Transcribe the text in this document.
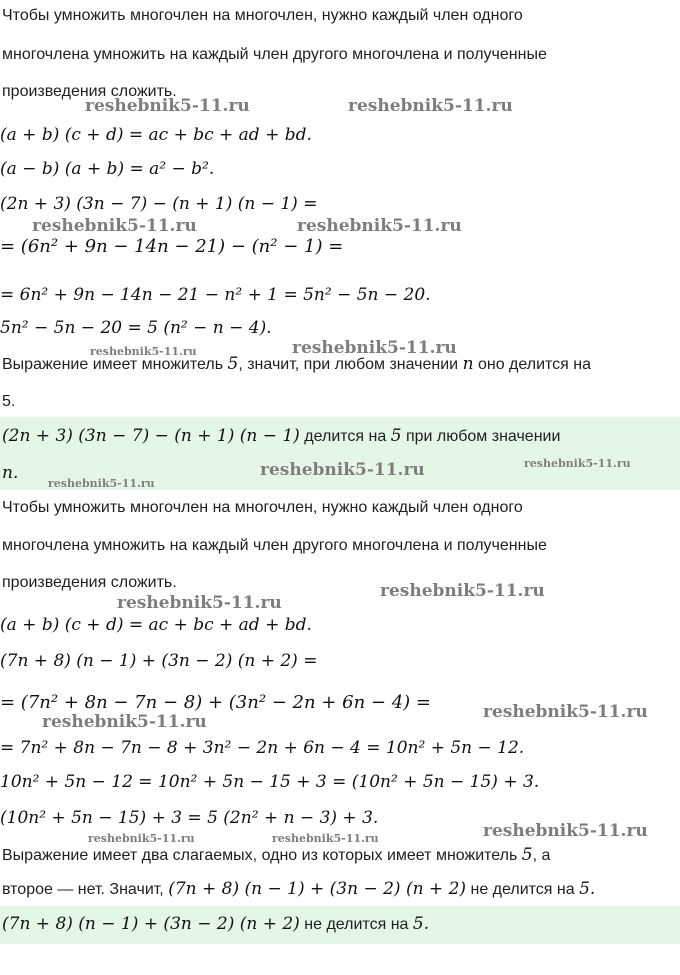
Чтобы умножить многочлен на многочлен, нужно каждый член одного
многочлена умножить на каждый член другого многочлена и полученные
произведения сложить.
(a + b) (c + d) = ac + bc + ad + bd.
(a − b) (a + b) = a² − b².
(2n + 3) (3n − 7) − (n + 1) (n − 1) =
= (6n² + 9n − 14n − 21) − (n² − 1) =
= 6n² + 9n − 14n − 21 − n² + 1 = 5n² − 5n − 20.
5n² − 5n − 20 = 5 (n² − n − 4).
Выражение имеет множитель 5, значит, при любом значении n оно делится на
5.
(2n + 3) (3n − 7) − (n + 1) (n − 1) делится на 5 при любом значении
n.
Чтобы умножить многочлен на многочлен, нужно каждый член одного
многочлена умножить на каждый член другого многочлена и полученные
произведения сложить.
(a + b) (c + d) = ac + bc + ad + bd.
(7n + 8) (n − 1) + (3n − 2) (n + 2) =
= (7n² + 8n − 7n − 8) + (3n² − 2n + 6n − 4) =
= 7n² + 8n − 7n − 8 + 3n² − 2n + 6n − 4 = 10n² + 5n − 12.
10n² + 5n − 12 = 10n² + 5n − 15 + 3 = (10n² + 5n − 15) + 3.
(10n² + 5n − 15) + 3 = 5 (2n² + n − 3) + 3.
Выражение имеет два слагаемых, одно из которых имеет множитель 5, а
второе — нет. Значит, (7n + 8) (n − 1) + (3n − 2) (n + 2) не делится на 5.
(7n + 8) (n − 1) + (3n − 2) (n + 2) не делится на 5.
reshebnik5-11.ru	reshebnik5-11.ru
reshebnik5-11.ru	reshebnik5-11.ru
reshebnik5-11.ru	reshebnik5-11.ru
reshebnik5-11.ru
reshebnik5-11.ru	reshebnik5-11.ru
reshebnik5-11.ru
reshebnik5-11.ru
reshebnik5-11.ru
reshebnik5-11.ru
reshebnik5-11.ru
reshebnik5-11.ru	reshebnik5-11.ru
